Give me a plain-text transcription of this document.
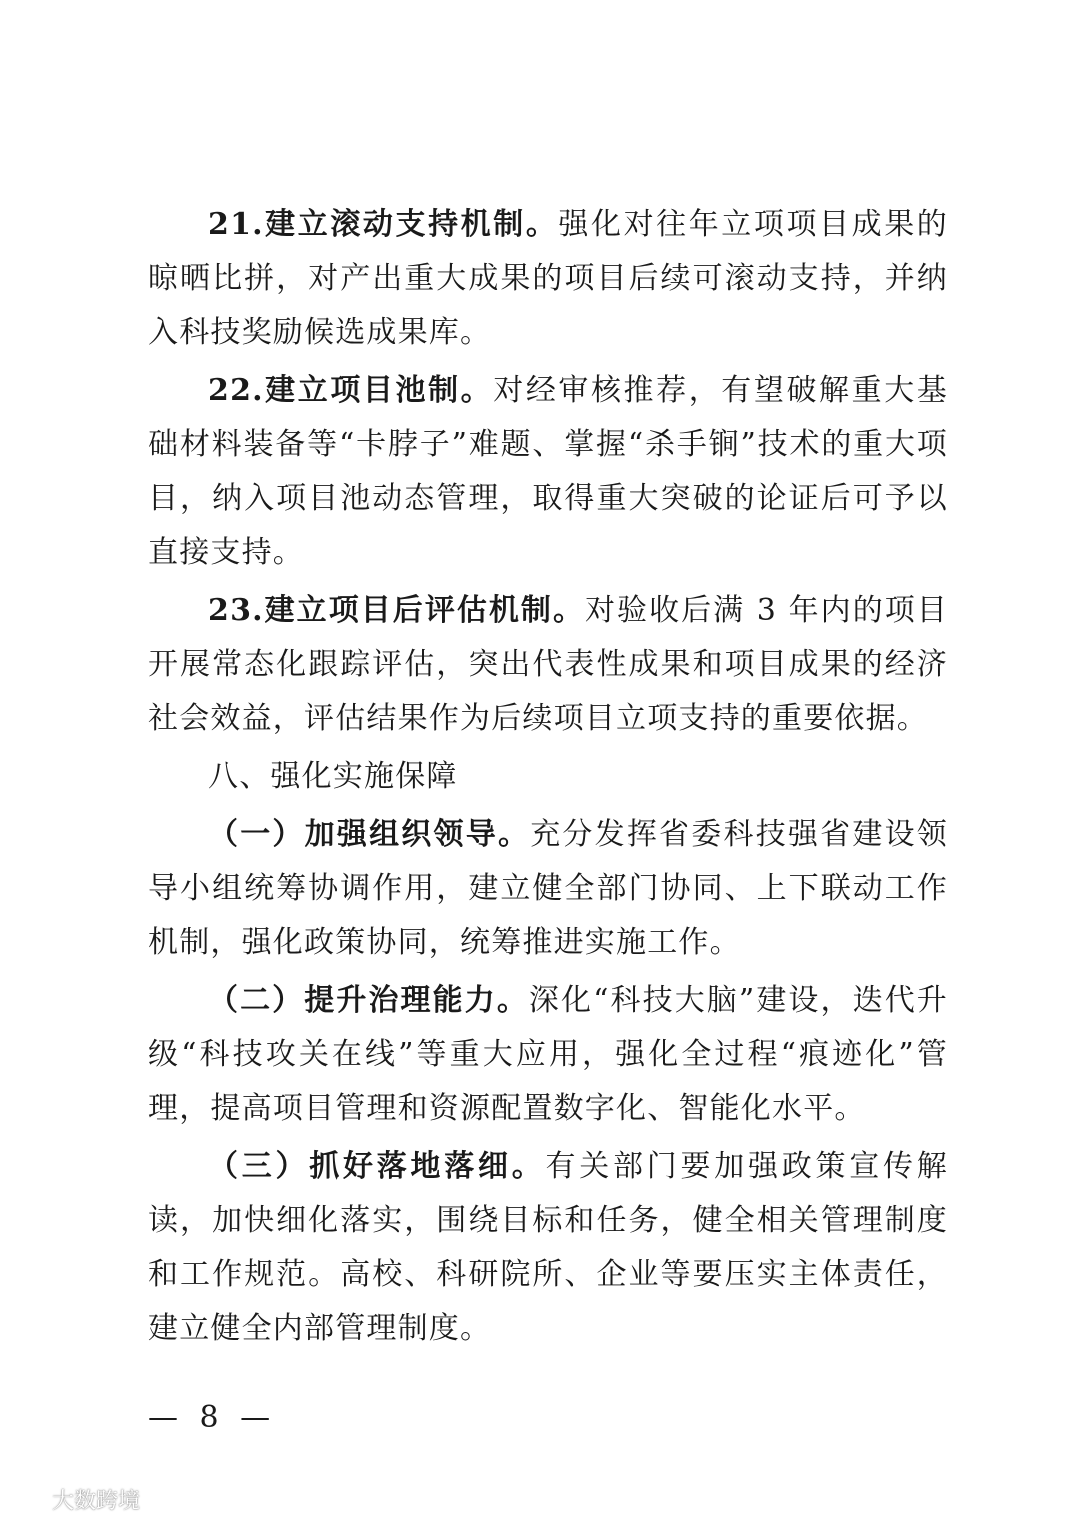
21.建立滚动支持机制。强化对往年立项项目成果的晾晒比拼，对产出重大成果的项目后续可滚动支持，并纳入科技奖励候选成果库。

22.建立项目池制。对经审核推荐，有望破解重大基础材料装备等“卡脖子”难题、掌握“杀手锏”技术的重大项目，纳入项目池动态管理，取得重大突破的论证后可予以直接支持。

23.建立项目后评估机制。对验收后满 3 年内的项目开展常态化跟踪评估，突出代表性成果和项目成果的经济社会效益，评估结果作为后续项目立项支持的重要依据。

八、强化实施保障

（一）加强组织领导。充分发挥省委科技强省建设领导小组统筹协调作用，建立健全部门协同、上下联动工作机制，强化政策协同，统筹推进实施工作。

（二）提升治理能力。深化“科技大脑”建设，迭代升级“科技攻关在线”等重大应用，强化全过程“痕迹化”管理，提高项目管理和资源配置数字化、智能化水平。

（三）抓好落地落细。有关部门要加强政策宣传解读，加快细化落实，围绕目标和任务，健全相关管理制度和工作规范。高校、科研院所、企业等要压实主体责任，建立健全内部管理制度。

— 8 —
大数跨境
